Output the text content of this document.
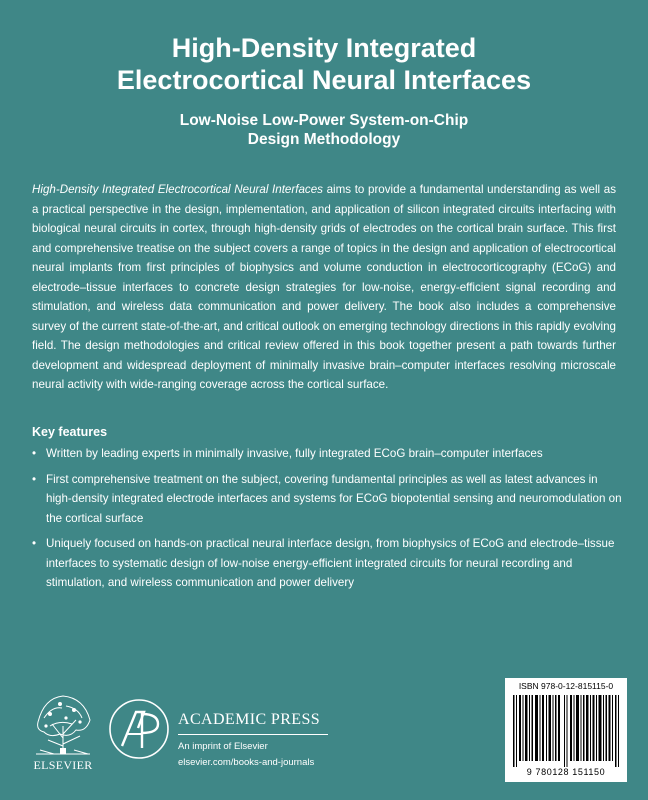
High-Density Integrated
Electrocortical Neural Interfaces
Low-Noise Low-Power System-on-Chip
Design Methodology

High-Density Integrated Electrocortical Neural Interfaces aims to provide a fundamental understanding as well as a practical perspective in the design, implementation, and application of silicon integrated circuits interfacing with biological neural circuits in cortex, through high-density grids of electrodes on the cortical brain surface. This first and comprehensive treatise on the subject covers a range of topics in the design and application of electrocortical neural implants from first principles of biophysics and volume conduction in electrocorticography (ECoG) and electrode–tissue interfaces to concrete design strategies for low-noise, energy-efficient signal recording and stimulation, and wireless data communication and power delivery. The book also includes a comprehensive survey of the current state-of-the-art, and critical outlook on emerging technology directions in this rapidly evolving field. The design methodologies and critical review offered in this book together present a path towards further development and widespread deployment of minimally invasive brain–computer interfaces resolving microscale neural activity with wide-ranging coverage across the cortical surface.

Key features

• Written by leading experts in minimally invasive, fully integrated ECoG brain–computer interfaces
• First comprehensive treatment on the subject, covering fundamental principles as well as latest advances in high-density integrated electrode interfaces and systems for ECoG biopotential sensing and neuromodulation on the cortical surface
• Uniquely focused on hands-on practical neural interface design, from biophysics of ECoG and electrode–tissue interfaces to systematic design of low-noise energy-efficient integrated circuits for neural recording and stimulation, and wireless communication and power delivery
ELSEVIER
ACADEMIC PRESS
An imprint of Elsevier
elsevier.com/books-and-journals
ISBN 978-0-12-815115-0
9 780128 151150
